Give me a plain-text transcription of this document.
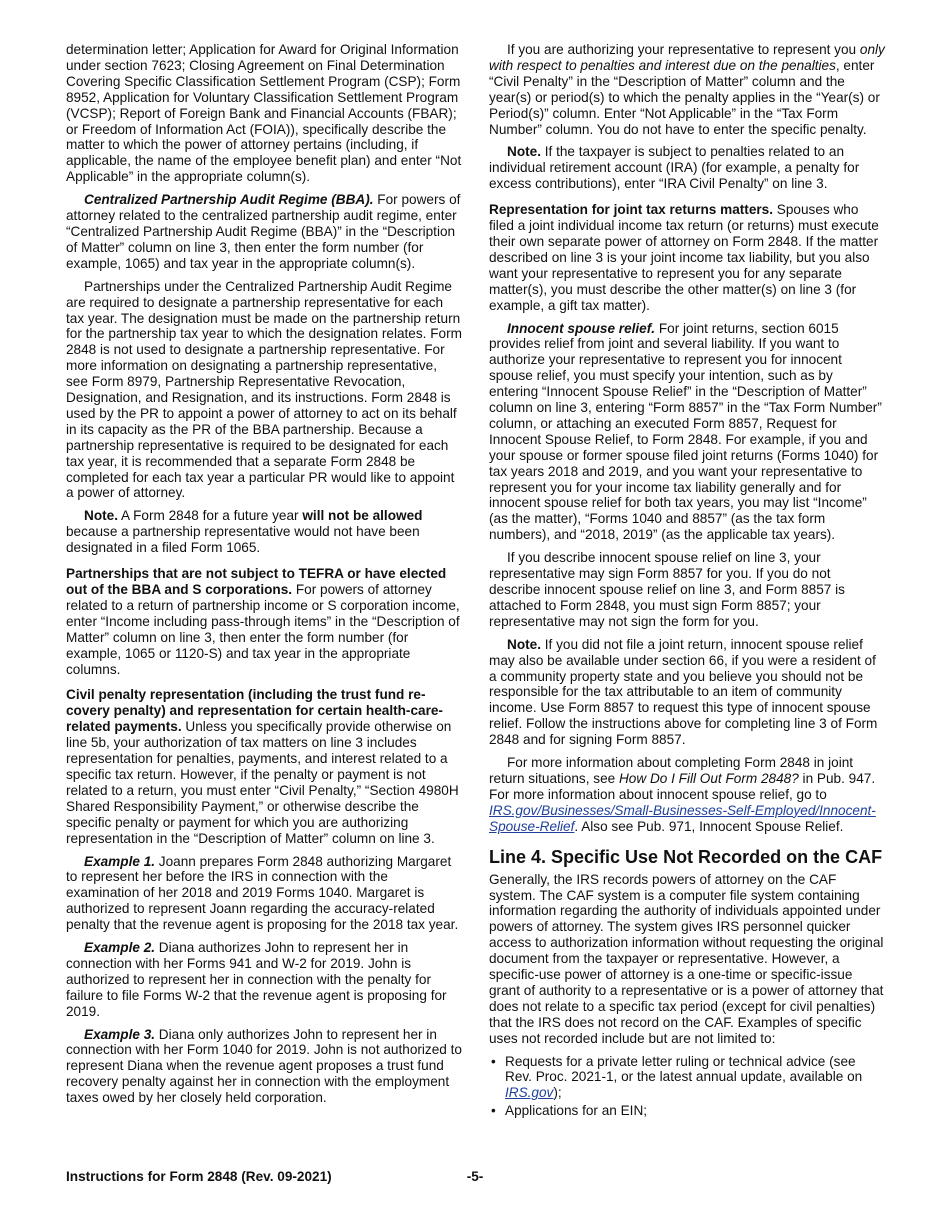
determination letter; Application for Award for Original Information under section 7623; Closing Agreement on Final Determination Covering Specific Classification Settlement Program (CSP); Form 8952, Application for Voluntary Classification Settlement Program (VCSP); Report of Foreign Bank and Financial Accounts (FBAR); or Freedom of Information Act (FOIA)), specifically describe the matter to which the power of attorney pertains (including, if applicable, the name of the employee benefit plan) and enter “Not Applicable” in the appropriate column(s).

Centralized Partnership Audit Regime (BBA). For powers of attorney related to the centralized partnership audit regime, enter “Centralized Partnership Audit Regime (BBA)” in the “Description of Matter” column on line 3, then enter the form number (for example, 1065) and tax year in the appropriate column(s).

Partnerships under the Centralized Partnership Audit Regime are required to designate a partnership representative for each tax year. The designation must be made on the partnership return for the partnership tax year to which the designation relates. Form 2848 is not used to designate a partnership representative. For more information on designating a partnership representative, see Form 8979, Partnership Representative Revocation, Designation, and Resignation, and its instructions. Form 2848 is used by the PR to appoint a power of attorney to act on its behalf in its capacity as the PR of the BBA partnership. Because a partnership representative is required to be designated for each tax year, it is recommended that a separate Form 2848 be completed for each tax year a particular PR would like to appoint a power of attorney.

Note. A Form 2848 for a future year will not be allowed because a partnership representative would not have been designated in a filed Form 1065.

Partnerships that are not subject to TEFRA or have elected out of the BBA and S corporations. For powers of attorney related to a return of partnership income or S corporation income, enter “Income including pass-through items” in the “Description of Matter” column on line 3, then enter the form number (for example, 1065 or 1120-S) and tax year in the appropriate columns.

Civil penalty representation (including the trust fund re-covery penalty) and representation for certain health-care-related payments. Unless you specifically provide otherwise on line 5b, your authorization of tax matters on line 3 includes representation for penalties, payments, and interest related to a specific tax return. However, if the penalty or payment is not related to a return, you must enter “Civil Penalty,” “Section 4980H Shared Responsibility Payment,” or otherwise describe the specific penalty or payment for which you are authorizing representation in the “Description of Matter” column on line 3.

Example 1. Joann prepares Form 2848 authorizing Margaret to represent her before the IRS in connection with the examination of her 2018 and 2019 Forms 1040. Margaret is authorized to represent Joann regarding the accuracy-related penalty that the revenue agent is proposing for the 2018 tax year.

Example 2. Diana authorizes John to represent her in connection with her Forms 941 and W-2 for 2019. John is authorized to represent her in connection with the penalty for failure to file Forms W-2 that the revenue agent is proposing for 2019.

Example 3. Diana only authorizes John to represent her in connection with her Form 1040 for 2019. John is not authorized to represent Diana when the revenue agent proposes a trust fund recovery penalty against her in connection with the employment taxes owed by her closely held corporation.

If you are authorizing your representative to represent you only with respect to penalties and interest due on the penalties, enter “Civil Penalty” in the “Description of Matter” column and the year(s) or period(s) to which the penalty applies in the “Year(s) or Period(s)” column. Enter “Not Applicable” in the “Tax Form Number” column. You do not have to enter the specific penalty.

Note. If the taxpayer is subject to penalties related to an individual retirement account (IRA) (for example, a penalty for excess contributions), enter “IRA Civil Penalty” on line 3.

Representation for joint tax returns matters. Spouses who filed a joint individual income tax return (or returns) must execute their own separate power of attorney on Form 2848. If the matter described on line 3 is your joint income tax liability, but you also want your representative to represent you for any separate matter(s), you must describe the other matter(s) on line 3 (for example, a gift tax matter).

Innocent spouse relief. For joint returns, section 6015 provides relief from joint and several liability. If you want to authorize your representative to represent you for innocent spouse relief, you must specify your intention, such as by entering “Innocent Spouse Relief” in the “Description of Matter” column on line 3, entering “Form 8857” in the “Tax Form Number” column, or attaching an executed Form 8857, Request for Innocent Spouse Relief, to Form 2848. For example, if you and your spouse or former spouse filed joint returns (Forms 1040) for tax years 2018 and 2019, and you want your representative to represent you for your income tax liability generally and for innocent spouse relief for both tax years, you may list “Income” (as the matter), “Forms 1040 and 8857” (as the tax form numbers), and “2018, 2019” (as the applicable tax years).

If you describe innocent spouse relief on line 3, your representative may sign Form 8857 for you. If you do not describe innocent spouse relief on line 3, and Form 8857 is attached to Form 2848, you must sign Form 8857; your representative may not sign the form for you.

Note. If you did not file a joint return, innocent spouse relief may also be available under section 66, if you were a resident of a community property state and you believe you should not be responsible for the tax attributable to an item of community income. Use Form 8857 to request this type of innocent spouse relief. Follow the instructions above for completing line 3 of Form 2848 and for signing Form 8857.

For more information about completing Form 2848 in joint return situations, see How Do I Fill Out Form 2848? in Pub. 947. For more information about innocent spouse relief, go to IRS.gov/Businesses/Small-Businesses-Self-Employed/Innocent-Spouse-Relief. Also see Pub. 971, Innocent Spouse Relief.

Line 4. Specific Use Not Recorded on the CAF

Generally, the IRS records powers of attorney on the CAF system. The CAF system is a computer file system containing information regarding the authority of individuals appointed under powers of attorney. The system gives IRS personnel quicker access to authorization information without requesting the original document from the taxpayer or representative. However, a specific-use power of attorney is a one-time or specific-issue grant of authority to a representative or is a power of attorney that does not relate to a specific tax period (except for civil penalties) that the IRS does not record on the CAF. Examples of specific uses not recorded include but are not limited to:

• Requests for a private letter ruling or technical advice (see Rev. Proc. 2021-1, or the latest annual update, available on IRS.gov);
• Applications for an EIN;
Instructions for Form 2848 (Rev. 09-2021)	-5-
